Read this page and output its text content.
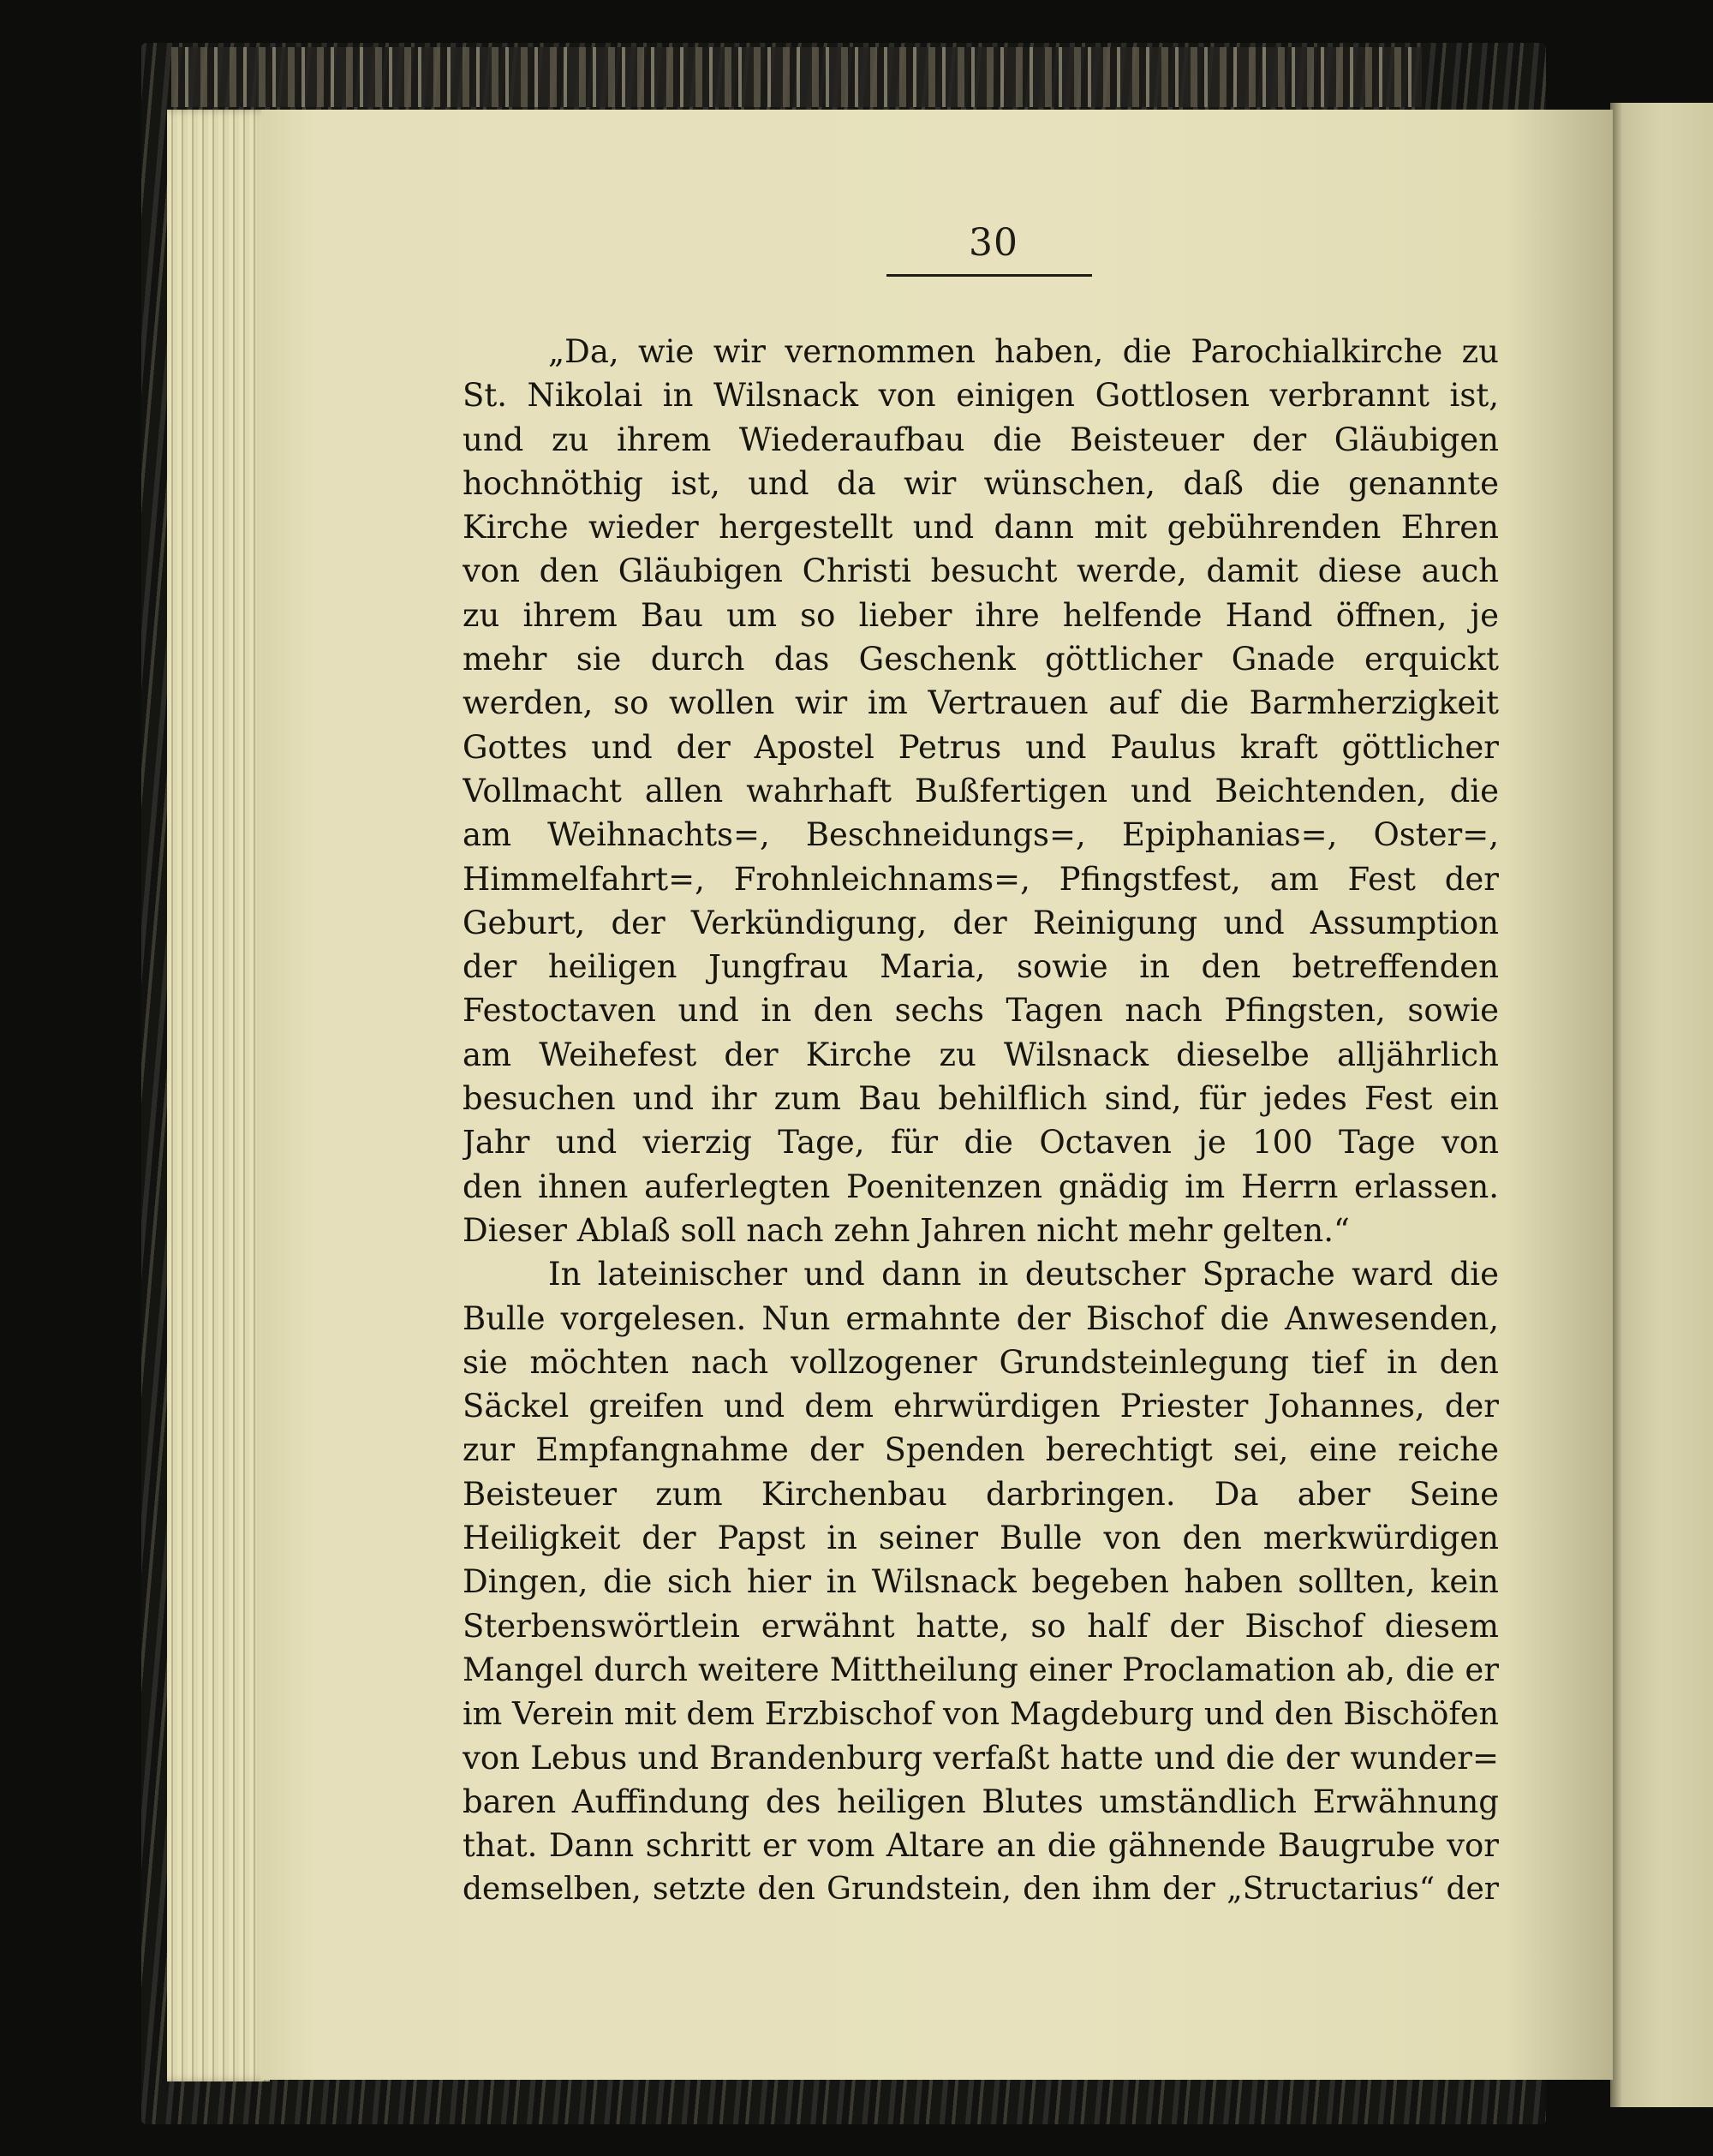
30
„Da, wie wir vernommen haben, die Parochialkirche zu
St. Nikolai in Wilsnack von einigen Gottlosen verbrannt ist,
und zu ihrem Wiederaufbau die Beisteuer der Gläubigen
hochnöthig ist, und da wir wünschen, daß die genannte
Kirche wieder hergestellt und dann mit gebührenden Ehren
von den Gläubigen Christi besucht werde, damit diese auch
zu ihrem Bau um so lieber ihre helfende Hand öffnen, je
mehr sie durch das Geschenk göttlicher Gnade erquickt
werden, so wollen wir im Vertrauen auf die Barmherzigkeit
Gottes und der Apostel Petrus und Paulus kraft göttlicher
Vollmacht allen wahrhaft Bußfertigen und Beichtenden, die
am Weihnachts=, Beschneidungs=, Epiphanias=, Oster=,
Himmelfahrt=, Frohnleichnams=, Pfingstfest, am Fest der
Geburt, der Verkündigung, der Reinigung und Assumption
der heiligen Jungfrau Maria, sowie in den betreffenden
Festoctaven und in den sechs Tagen nach Pfingsten, sowie
am Weihefest der Kirche zu Wilsnack dieselbe alljährlich
besuchen und ihr zum Bau behilflich sind, für jedes Fest ein
Jahr und vierzig Tage, für die Octaven je 100 Tage von
den ihnen auferlegten Poenitenzen gnädig im Herrn erlassen.
Dieser Ablaß soll nach zehn Jahren nicht mehr gelten.“
In lateinischer und dann in deutscher Sprache ward die
Bulle vorgelesen. Nun ermahnte der Bischof die Anwesenden,
sie möchten nach vollzogener Grundsteinlegung tief in den
Säckel greifen und dem ehrwürdigen Priester Johannes, der
zur Empfangnahme der Spenden berechtigt sei, eine reiche
Beisteuer zum Kirchenbau darbringen. Da aber Seine
Heiligkeit der Papst in seiner Bulle von den merkwürdigen
Dingen, die sich hier in Wilsnack begeben haben sollten, kein
Sterbenswörtlein erwähnt hatte, so half der Bischof diesem
Mangel durch weitere Mittheilung einer Proclamation ab, die er
im Verein mit dem Erzbischof von Magdeburg und den Bischöfen
von Lebus und Brandenburg verfaßt hatte und die der wunder=
baren Auffindung des heiligen Blutes umständlich Erwähnung
that. Dann schritt er vom Altare an die gähnende Baugrube vor
demselben, setzte den Grundstein, den ihm der „Structarius“ der
